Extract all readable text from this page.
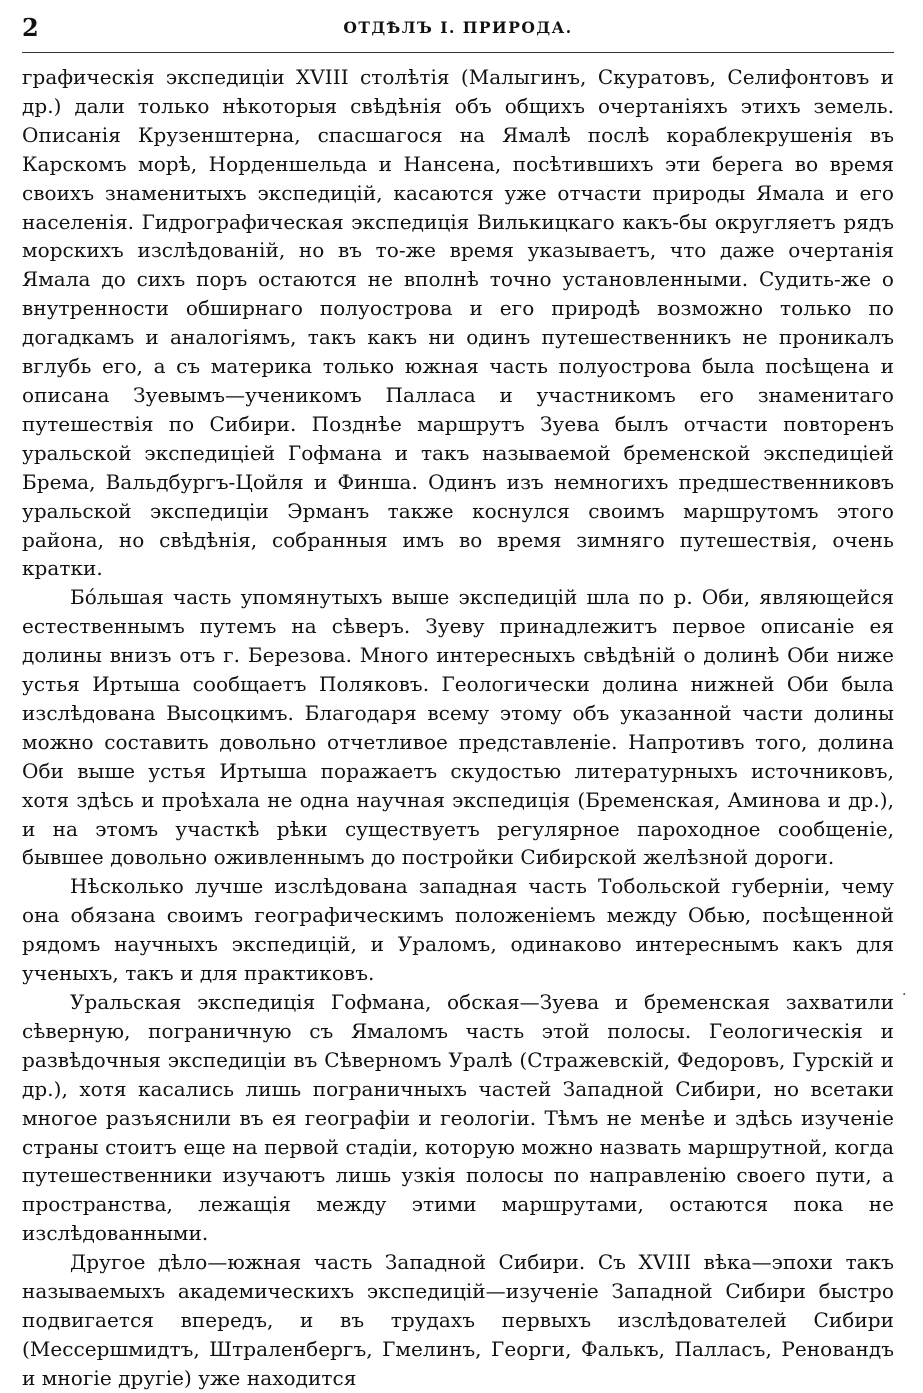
2	ОТДѢЛЪ I. ПРИРОДА.

графическія экспедиціи XVIII столѣтія (Малыгинъ, Скуратовъ, Селифонтовъ и др.) дали только нѣкоторыя свѣдѣнія объ общихъ очертаніяхъ этихъ земель. Описанія Крузенштерна, спасшагося на Ямалѣ послѣ кораблекрушенія въ Карскомъ морѣ, Норденшельда и Нансена, посѣтившихъ эти берега во время своихъ знаменитыхъ экспедицій, касаются уже отчасти природы Ямала и его населенія. Гидрографическая экспедиція Вилькицкаго какъ-бы округляетъ рядъ морскихъ изслѣдованій, но въ то-же время указываетъ, что даже очертанія Ямала до сихъ поръ остаются не вполнѣ точно установленными. Судить-же о внутренности обширнаго полуострова и его природѣ возможно только по догадкамъ и аналогіямъ, такъ какъ ни одинъ путешественникъ не проникалъ вглубь его, а съ материка только южная часть полуострова была посѣщена и описана Зуевымъ—ученикомъ Палласа и участникомъ его знаменитаго путешествія по Сибири. Позднѣе маршрутъ Зуева былъ отчасти повторенъ уральской экспедиціей Гофмана и такъ называемой бременской экспедиціей Брема, Вальдбургъ-Цойля и Финша. Одинъ изъ немногихъ предшественниковъ уральской экспедиціи Эрманъ также коснулся своимъ маршрутомъ этого района, но свѣдѣнія, собранныя имъ во время зимняго путешествія, очень кратки.

Бóльшая часть упомянутыхъ выше экспедицій шла по р. Оби, являющейся естественнымъ путемъ на сѣверъ. Зуеву принадлежитъ первое описаніе ея долины внизъ отъ г. Березова. Много интересныхъ свѣдѣній о долинѣ Оби ниже устья Иртыша сообщаетъ Поляковъ. Геологически долина нижней Оби была изслѣдована Высоцкимъ. Благодаря всему этому объ указанной части долины можно составить довольно отчетливое представленіе. Напротивъ того, долина Оби выше устья Иртыша поражаетъ скудостью литературныхъ источниковъ, хотя здѣсь и проѣхала не одна научная экспедиція (Бременская, Аминова и др.), и на этомъ участкѣ рѣки существуетъ регулярное пароходное сообщеніе, бывшее довольно оживленнымъ до постройки Сибирской желѣзной дороги.

Нѣсколько лучше изслѣдована западная часть Тобольской губерніи, чему она обязана своимъ географическимъ положеніемъ между Обью, посѣщенной рядомъ научныхъ экспедицій, и Ураломъ, одинаково интереснымъ какъ для ученыхъ, такъ и для практиковъ.

Уральская экспедиція Гофмана, обская—Зуева и бременская захватили сѣверную, пограничную съ Ямаломъ часть этой полосы. Геологическія и развѣдочныя экспедиціи въ Сѣверномъ Уралѣ (Стражевскій, Федоровъ, Гурскій и др.), хотя касались лишь пограничныхъ частей Западной Сибири, но всетаки многое разъяснили въ ея географіи и геологіи. Тѣмъ не менѣе и здѣсь изученіе страны стоитъ еще на первой стадіи, которую можно назвать маршрутной, когда путешественники изучаютъ лишь узкія полосы по направленію своего пути, а пространства, лежащія между этими маршрутами, остаются пока не изслѣдованными.

Другое дѣло—южная часть Западной Сибири. Съ XVIII вѣка—эпохи такъ называемыхъ академическихъ экспедицій—изученіе Западной Сибири быстро подвигается впередъ, и въ трудахъ первыхъ изслѣдователей Сибири (Мессершмидтъ, Штраленбергъ, Гмелинъ, Георги, Фалькъ, Палласъ, Реновандъ и многіе другіе) уже находится

·
